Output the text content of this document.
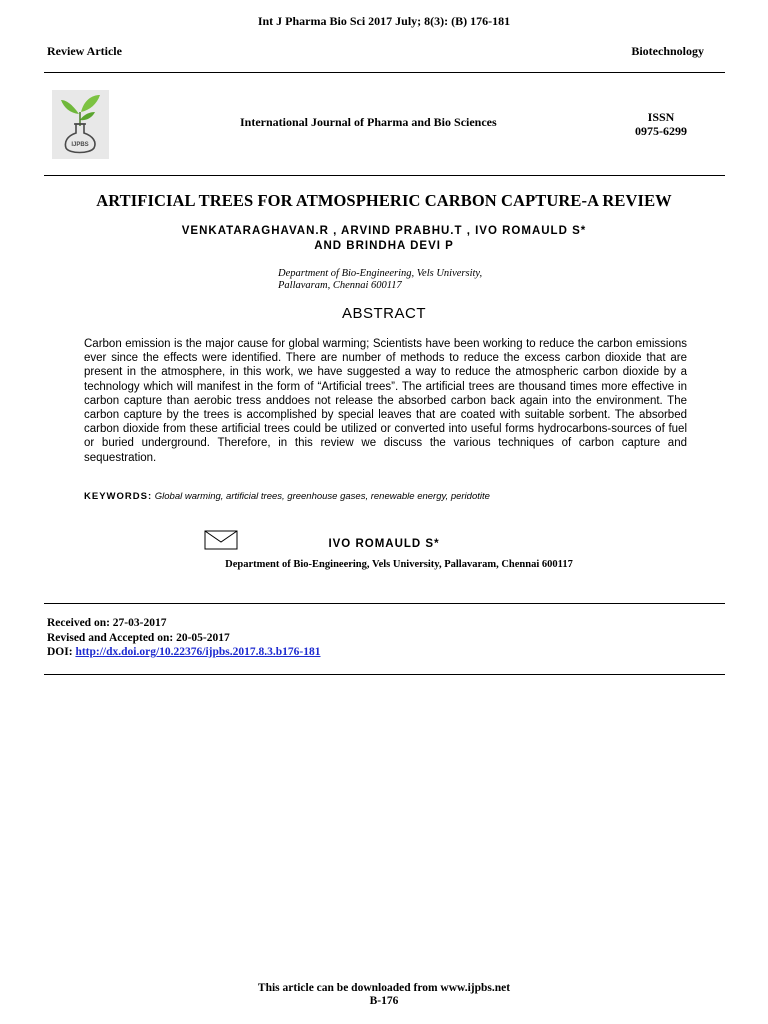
Int J Pharma Bio Sci 2017 July; 8(3): (B) 176-181
Review Article	Biotechnology
IJPBS
International Journal of Pharma and Bio Sciences	ISSN
0975-6299
ARTIFICIAL TREES FOR ATMOSPHERIC CARBON CAPTURE-A REVIEW
VENKATARAGHAVAN.R , ARVIND PRABHU.T , IVO ROMAULD S*
AND BRINDHA DEVI P
Department of Bio-Engineering, Vels University,
Pallavaram, Chennai 600117
ABSTRACT
Carbon emission is the major cause for global warming; Scientists have been working to reduce the carbon emissions ever since the effects were identified. There are number of methods to reduce the excess carbon dioxide that are present in the atmosphere, in this work, we have suggested a way to reduce the atmospheric carbon dioxide by a technology which will manifest in the form of “Artificial trees”. The artificial trees are thousand times more effective in carbon capture than aerobic tress anddoes not release the absorbed carbon back again into the environment. The carbon capture by the trees is accomplished by special leaves that are coated with suitable sorbent. The absorbed carbon dioxide from these artificial trees could be utilized or converted into useful forms hydrocarbons-sources of fuel or buried underground. Therefore, in this review we discuss the various techniques of carbon capture and sequestration.
KEYWORDS: Global warming, artificial trees, greenhouse gases, renewable energy, peridotite
IVO ROMAULD S*
Department of Bio-Engineering, Vels University, Pallavaram, Chennai 600117
Received on: 27-03-2017
Revised and Accepted on: 20-05-2017
DOI: http://dx.doi.org/10.22376/ijpbs.2017.8.3.b176-181
This article can be downloaded from www.ijpbs.net
B-176
